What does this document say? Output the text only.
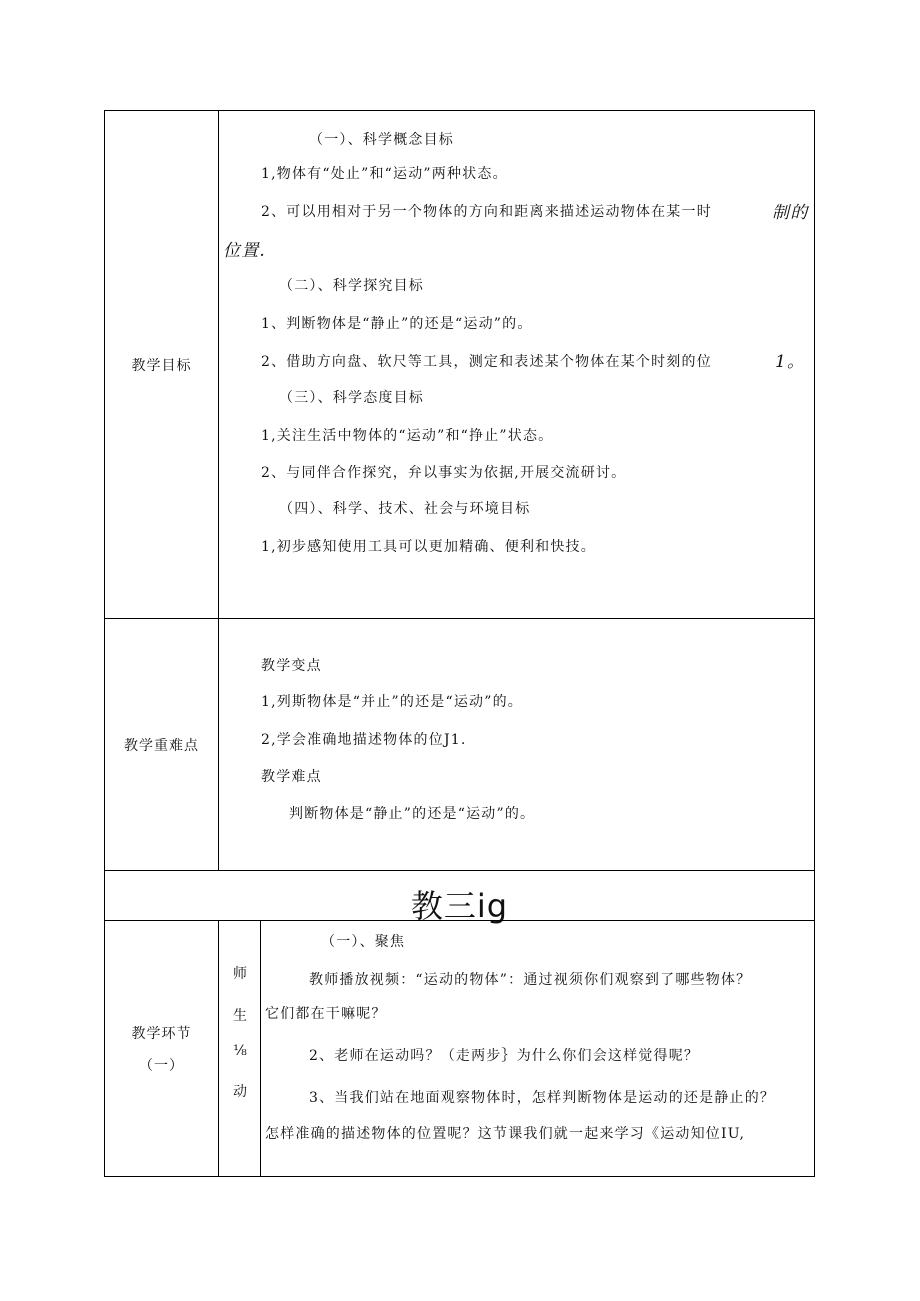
教学目标
（一）、科学概念目标
1,物体有“处止”和“运动”两种状态。
2、可以用相对于另一个物体的方向和距离来描述运动物体在某一时	制的
位置.
（二）、科学探究目标
1、判断物体是“静止”的还是“运动”的。
2、借助方向盘、软尺等工具，测定和表述某个物体在某个时刻的位	1。
（三）、科学态度目标
1,关注生活中物体的“运动”和“挣止”状态。
2、与同伴合作探究，弁以事实为依据,开展交流研讨。
（四）、科学、技术、社会与环境目标
1,初步感知使用工具可以更加精确、便利和快技。
教学重难点
教学变点
1,列斯物体是“并止”的还是“运动”的。
2,学会准确地描述物体的位J1.
教学难点
判断物体是“静止”的还是“运动”的。
教三ig
教学环节
（一）
师
生
⅛
动
（一）、聚焦
教师播放视频：“运动的物体”：通过视须你们观察到了哪些物体？
它们都在干嘛呢？
2、老师在运动吗？（走两步｝为什么你们会这样觉得呢？
3、当我们站在地面观察物体时，怎样判断物体是运动的还是静止的？
怎样准确的描述物体的位置呢？这节课我们就一起来学习《运动知位IU,
